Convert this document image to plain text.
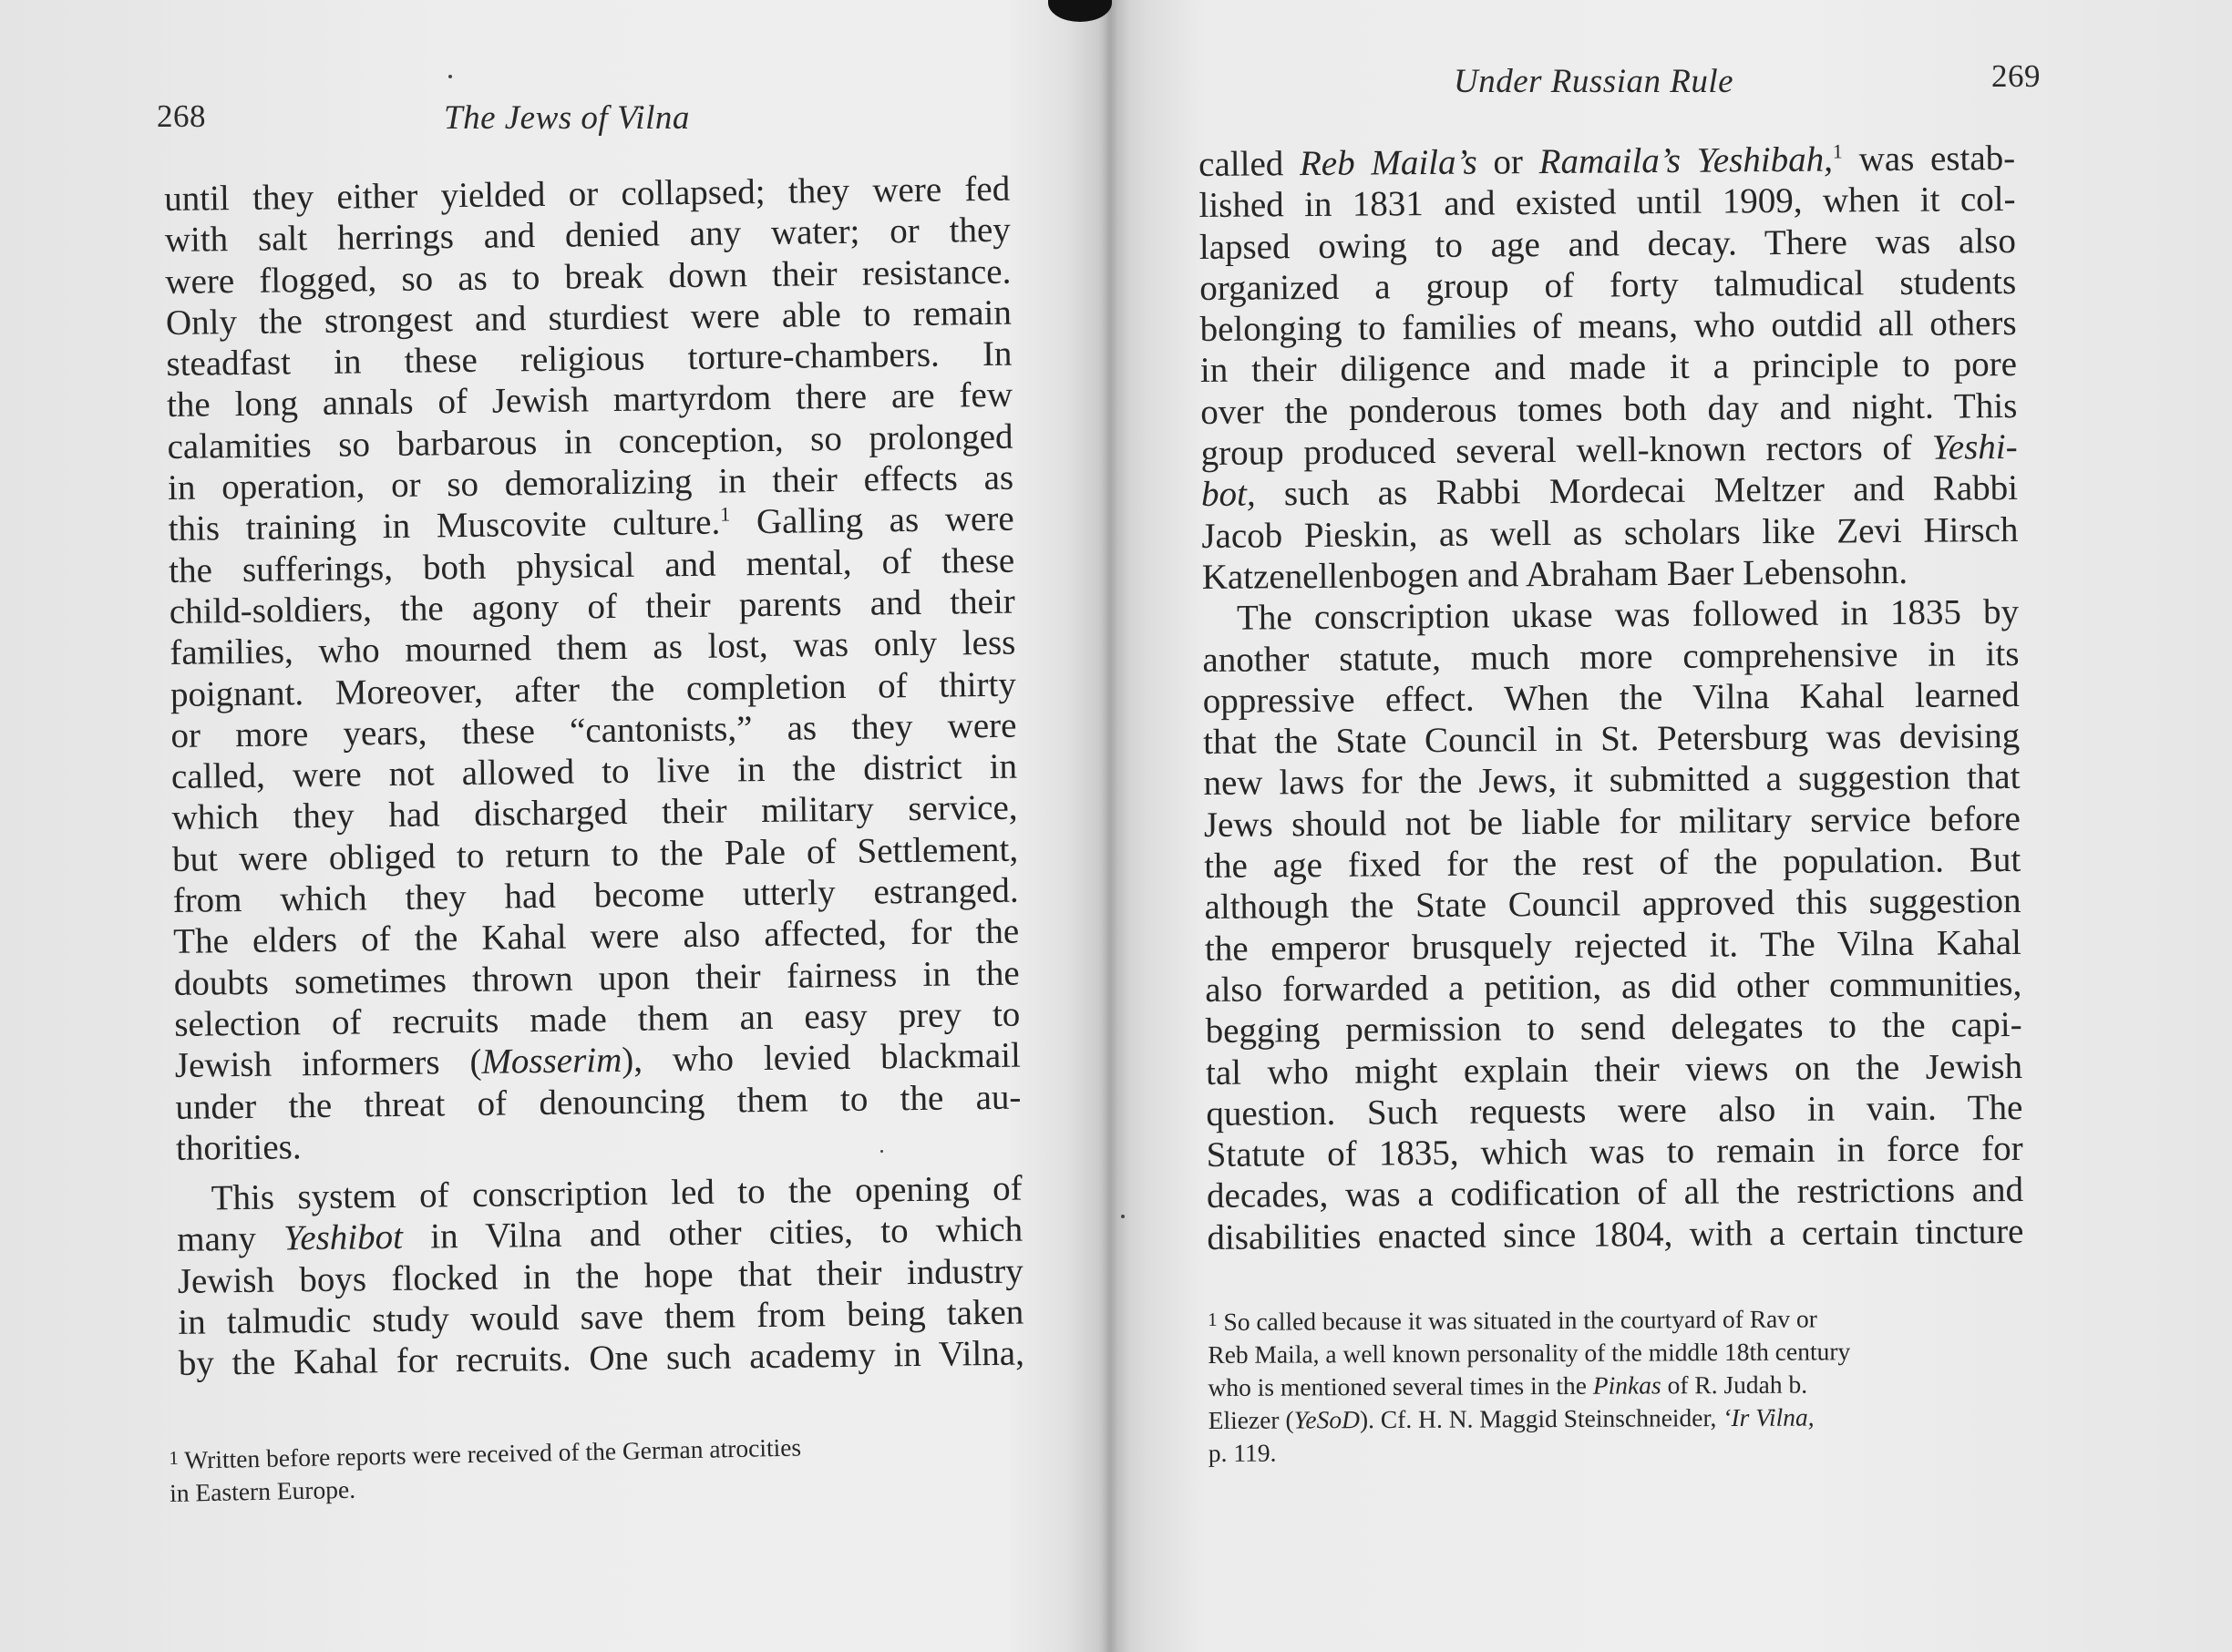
268	The Jews of Vilna
until they either yielded or collapsed; they were fed
with salt herrings and denied any water; or they
were flogged, so as to break down their resistance.
Only the strongest and sturdiest were able to remain
steadfast in these religious torture-chambers. In
the long annals of Jewish martyrdom there are few
calamities so barbarous in conception, so prolonged
in operation, or so demoralizing in their effects as
this training in Muscovite culture.$^1$ Galling as were
the sufferings, both physical and mental, of these
child-soldiers, the agony of their parents and their
families, who mourned them as lost, was only less
poignant. Moreover, after the completion of thirty
or more years, these “cantonists,” as they were
called, were not allowed to live in the district in
which they had discharged their military service,
but were obliged to return to the Pale of Settlement,
from which they had become utterly estranged.
The elders of the Kahal were also affected, for the
doubts sometimes thrown upon their fairness in the
selection of recruits made them an easy prey to
Jewish informers (Mosserim), who levied blackmail
under the threat of denouncing them to the au-
thorities.
This system of conscription led to the opening of
many Yeshibot in Vilna and other cities, to which
Jewish boys flocked in the hope that their industry
in talmudic study would save them from being taken
by the Kahal for recruits. One such academy in Vilna,
1 Written before reports were received of the German atrocities
in Eastern Europe.
Under Russian Rule	269
called Reb Maila’s or Ramaila’s Yeshibah,$^1$ was estab-
lished in 1831 and existed until 1909, when it col-
lapsed owing to age and decay. There was also
organized a group of forty talmudical students
belonging to families of means, who outdid all others
in their diligence and made it a principle to pore
over the ponderous tomes both day and night. This
group produced several well-known rectors of Yeshi-
bot, such as Rabbi Mordecai Meltzer and Rabbi
Jacob Pieskin, as well as scholars like Zevi Hirsch
Katzenellenbogen and Abraham Baer Lebensohn.
The conscription ukase was followed in 1835 by
another statute, much more comprehensive in its
oppressive effect. When the Vilna Kahal learned
that the State Council in St. Petersburg was devising
new laws for the Jews, it submitted a suggestion that
Jews should not be liable for military service before
the age fixed for the rest of the population. But
although the State Council approved this suggestion
the emperor brusquely rejected it. The Vilna Kahal
also forwarded a petition, as did other communities,
begging permission to send delegates to the capi-
tal who might explain their views on the Jewish
question. Such requests were also in vain. The
Statute of 1835, which was to remain in force for
decades, was a codification of all the restrictions and
disabilities enacted since 1804, with a certain tincture
1 So called because it was situated in the courtyard of Rav or
Reb Maila, a well known personality of the middle 18th century
who is mentioned several times in the Pinkas of R. Judah b.
Eliezer (YeSoD). Cf. H. N. Maggid Steinschneider, ‘Ir Vilna,
p. 119.
